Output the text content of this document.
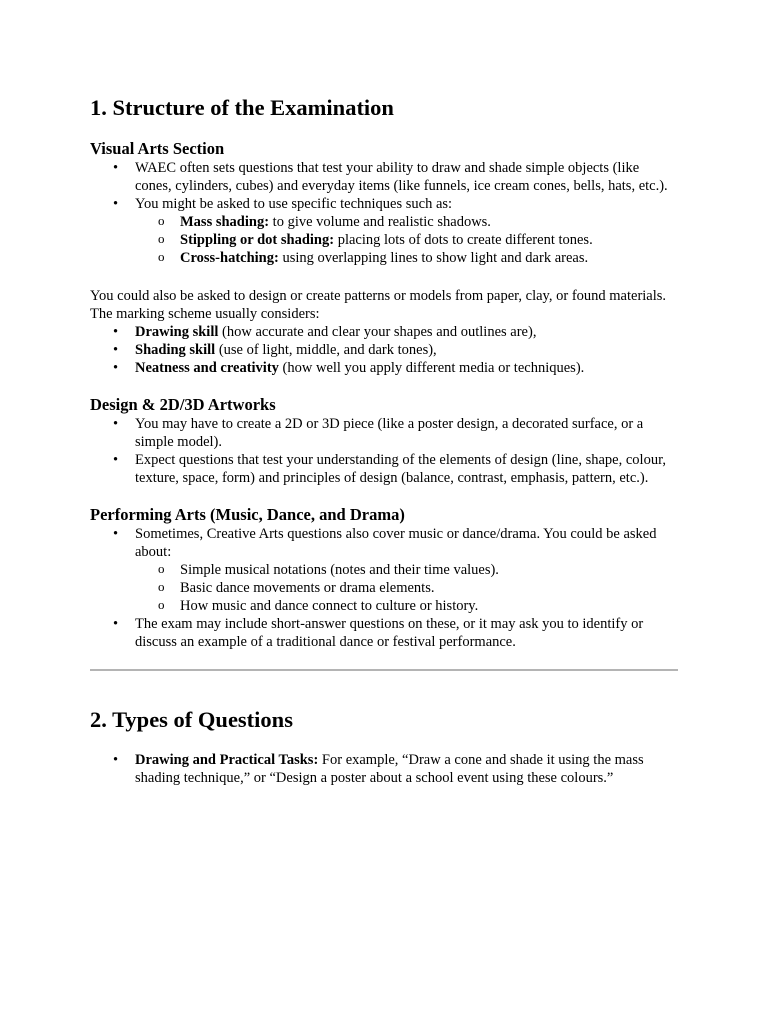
1. Structure of the Examination
Visual Arts Section
• WAEC often sets questions that test your ability to draw and shade simple objects (like cones, cylinders, cubes) and everyday items (like funnels, ice cream cones, bells, hats, etc.).
• You might be asked to use specific techniques such as:
o Mass shading: to give volume and realistic shadows.
o Stippling or dot shading: placing lots of dots to create different tones.
o Cross-hatching: using overlapping lines to show light and dark areas.

You could also be asked to design or create patterns or models from paper, clay, or found materials. The marking scheme usually considers:

• Drawing skill (how accurate and clear your shapes and outlines are),
• Shading skill (use of light, middle, and dark tones),
• Neatness and creativity (how well you apply different media or techniques).
Design & 2D/3D Artworks
• You may have to create a 2D or 3D piece (like a poster design, a decorated surface, or a simple model).
• Expect questions that test your understanding of the elements of design (line, shape, colour, texture, space, form) and principles of design (balance, contrast, emphasis, pattern, etc.).
Performing Arts (Music, Dance, and Drama)
• Sometimes, Creative Arts questions also cover music or dance/drama. You could be asked about:
o Simple musical notations (notes and their time values).
o Basic dance movements or drama elements.
o How music and dance connect to culture or history.
• The exam may include short-answer questions on these, or it may ask you to identify or discuss an example of a traditional dance or festival performance.
2. Types of Questions
• Drawing and Practical Tasks: For example, “Draw a cone and shade it using the mass shading technique,” or “Design a poster about a school event using these colours.”
